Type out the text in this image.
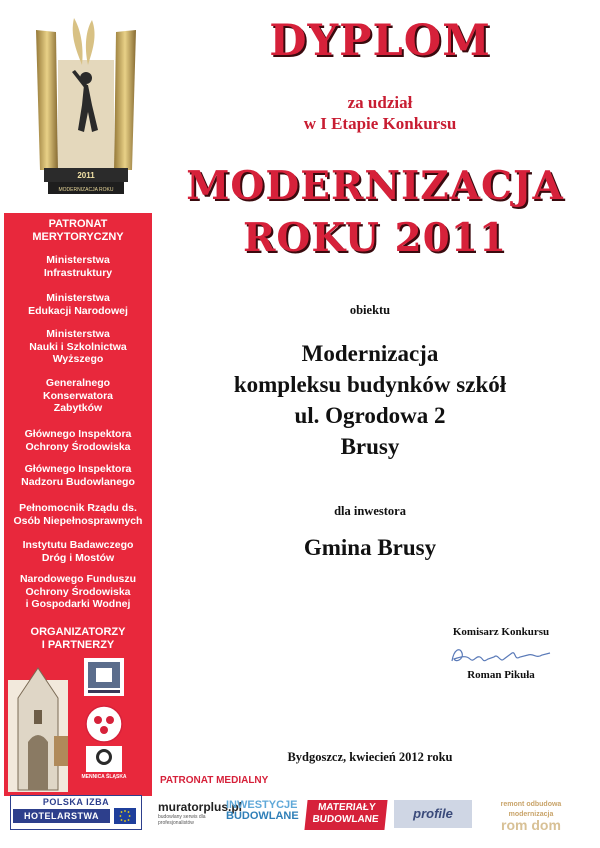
2011
MODERNIZACJA ROKU
PATRONAT
MERYTORYCZNY
Ministerstwa
Infrastruktury
Ministerstwa
Edukacji Narodowej
Ministerstwa
Nauki i Szkolnictwa
Wyższego
Generalnego
Konserwatora
Zabytków
Głównego Inspektora
Ochrony Środowiska
Głównego Inspektora
Nadzoru Budowlanego
Pełnomocnik Rządu ds.
Osób Niepełnosprawnych
Instytutu Badawczego
Dróg i Mostów
Narodowego Funduszu
Ochrony Środowiska
i Gospodarki Wodnej
ORGANIZATORZY
I PARTNERZY
MENNICA ŚLĄSKA
POLSKA IZBA
HOTELARSTWA
DYPLOM
za udział
w I Etapie Konkursu
MODERNIZACJA
ROKU 2011
obiektu
Modernizacja
kompleksu budynków szkół
ul. Ogrodowa 2
Brusy
dla inwestora
Gmina Brusy
Komisarz Konkursu
Roman Pikuła
Bydgoszcz, kwiecień 2012 roku
PATRONAT MEDIALNY
muratorplus.pl
budowlany serwis dla profesjonalistów
INWESTYCJE
BUDOWLANE
MATERIAŁY
BUDOWLANE	profile
remont odbudowa modernizacja
rom dom
